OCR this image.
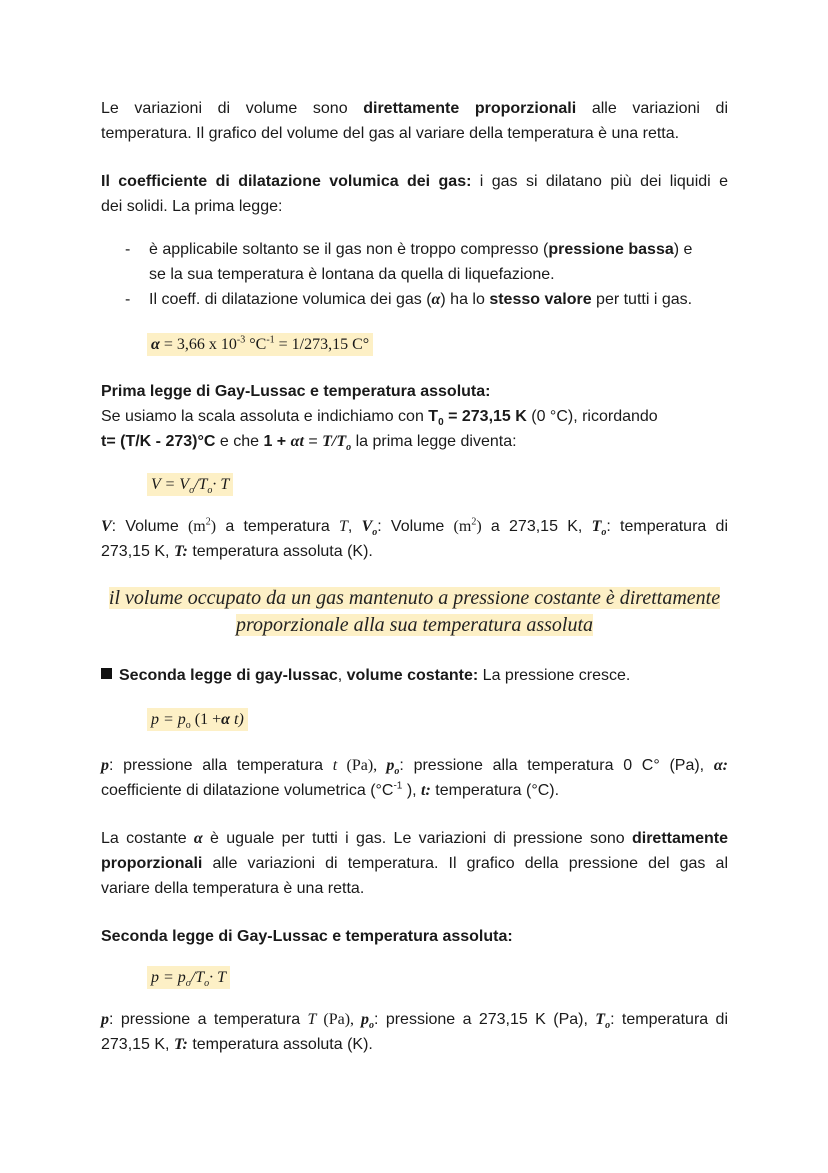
Le variazioni di volume sono direttamente proporzionali alle variazioni di

temperatura. Il grafico del volume del gas al variare della temperatura è una retta.

Il coefficiente di dilatazione volumica dei gas: i gas si dilatano più dei liquidi e

dei solidi. La prima legge:

- è applicabile soltanto se il gas non è troppo compresso (pressione bassa) e
se la sua temperatura è lontana da quella di liquefazione.
- Il coeff. di dilatazione volumica dei gas (α) ha lo stesso valore per tutti i gas.
α = 3,66 x $10^{-3}$ $^\circ C^{-1} = 1/273,15$ C°

Prima legge di Gay-Lussac e temperatura assoluta:

Se usiamo la scala assoluta e indichiamo con $T_0 = 273,15$ K (0 °C), ricordando

t= (T/K - 273)°C e che $1 + \alpha t = T/T_o$ la prima legge diventa:

$V = V_o/T_o\cdot T$

V: Volume $(m^2)$ a temperatura T, $V_o$: Volume $(m^2)$ a 273,15 K, $T_o$: temperatura di

273,15 K, T: temperatura assoluta (K).

il volume occupato da un gas mantenuto a pressione costante è direttamente
proporzionale alla sua temperatura assoluta

Seconda legge di gay-lussac, volume costante: La pressione cresce.

$p = p_o$ (1 +α t)

p: pressione alla temperatura t (Pa), $p_o$: pressione alla temperatura 0 C° (Pa), α:

coefficiente di dilatazione volumetrica ($^\circ C^{-1}$ ), t: temperatura (°C).

La costante α è uguale per tutti i gas. Le variazioni di pressione sono direttamente

proporzionali alle variazioni di temperatura. Il grafico della pressione del gas al

variare della temperatura è una retta.

Seconda legge di Gay-Lussac e temperatura assoluta:

$p = p_o/T_o\cdot T$

p: pressione a temperatura T (Pa), $p_o$: pressione a 273,15 K (Pa), $T_o$: temperatura di

273,15 K, T: temperatura assoluta (K).
